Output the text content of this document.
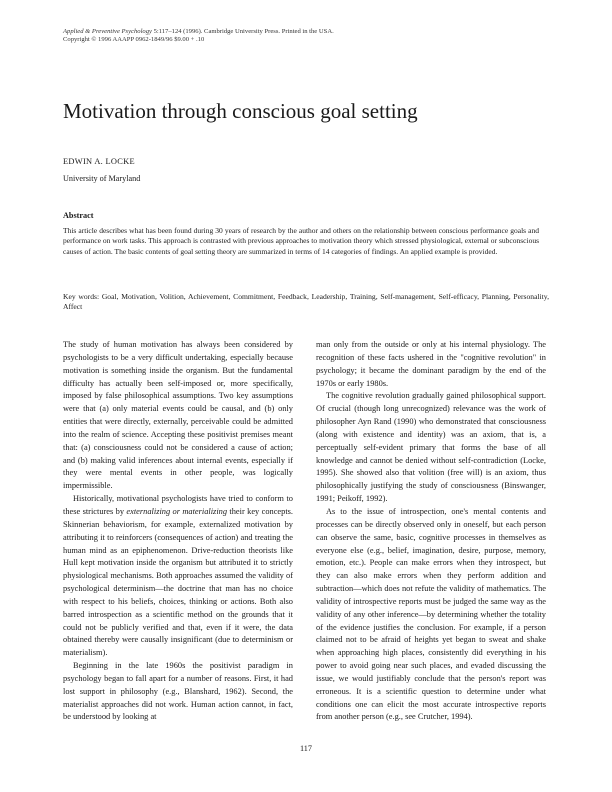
Applied & Preventive Psychology 5:117–124 (1996). Cambridge University Press. Printed in the USA.
Copyright © 1996 AAAPP 0962-1849/96 $9.00 + .10
Motivation through conscious goal setting
EDWIN A. LOCKE
University of Maryland
Abstract

This article describes what has been found during 30 years of research by the author and others on the relationship between conscious performance goals and performance on work tasks. This approach is contrasted with previous approaches to motivation theory which stressed physiological, external or subconscious causes of action. The basic contents of goal setting theory are summarized in terms of 14 categories of findings. An applied example is provided.

Key words: Goal, Motivation, Volition, Achievement, Commitment, Feedback, Leadership, Training, Self-management, Self-efficacy, Planning, Personality, Affect

The study of human motivation has always been considered by psychologists to be a very difficult undertaking, especially because motivation is something inside the organism. But the fundamental difficulty has actually been self-imposed or, more specifically, imposed by false philosophical assumptions. Two key assumptions were that (a) only material events could be causal, and (b) only entities that were directly, externally, perceivable could be admitted into the realm of science. Accepting these positivist premises meant that: (a) consciousness could not be considered a cause of action; and (b) making valid inferences about internal events, especially if they were mental events in other people, was logically impermissible.

Historically, motivational psychologists have tried to conform to these strictures by externalizing or materializing their key concepts. Skinnerian behaviorism, for example, externalized motivation by attributing it to reinforcers (consequences of action) and treating the human mind as an epiphenomenon. Drive-reduction theorists like Hull kept motivation inside the organism but attributed it to strictly physiological mechanisms. Both approaches assumed the validity of psychological determinism—the doctrine that man has no choice with respect to his beliefs, choices, thinking or actions. Both also barred introspection as a scientific method on the grounds that it could not be publicly verified and that, even if it were, the data obtained thereby were causally insignificant (due to determinism or materialism).

Beginning in the late 1960s the positivist paradigm in psychology began to fall apart for a number of reasons. First, it had lost support in philosophy (e.g., Blanshard, 1962). Second, the materialist approaches did not work. Human action cannot, in fact, be understood by looking at

man only from the outside or only at his internal physiology. The recognition of these facts ushered in the "cognitive revolution" in psychology; it became the dominant paradigm by the end of the 1970s or early 1980s.

The cognitive revolution gradually gained philosophical support. Of crucial (though long unrecognized) relevance was the work of philosopher Ayn Rand (1990) who demonstrated that consciousness (along with existence and identity) was an axiom, that is, a perceptually self-evident primary that forms the base of all knowledge and cannot be denied without self-contradiction (Locke, 1995). She showed also that volition (free will) is an axiom, thus philosophically justifying the study of consciousness (Binswanger, 1991; Peikoff, 1992).

As to the issue of introspection, one's mental contents and processes can be directly observed only in oneself, but each person can observe the same, basic, cognitive processes in themselves as everyone else (e.g., belief, imagination, desire, purpose, memory, emotion, etc.). People can make errors when they introspect, but they can also make errors when they perform addition and subtraction—which does not refute the validity of mathematics. The validity of introspective reports must be judged the same way as the validity of any other inference—by determining whether the totality of the evidence justifies the conclusion. For example, if a person claimed not to be afraid of heights yet began to sweat and shake when approaching high places, consistently did everything in his power to avoid going near such places, and evaded discussing the issue, we would justifiably conclude that the person's report was erroneous. It is a scientific question to determine under what conditions one can elicit the most accurate introspective reports from another person (e.g., see Crutcher, 1994).

117
